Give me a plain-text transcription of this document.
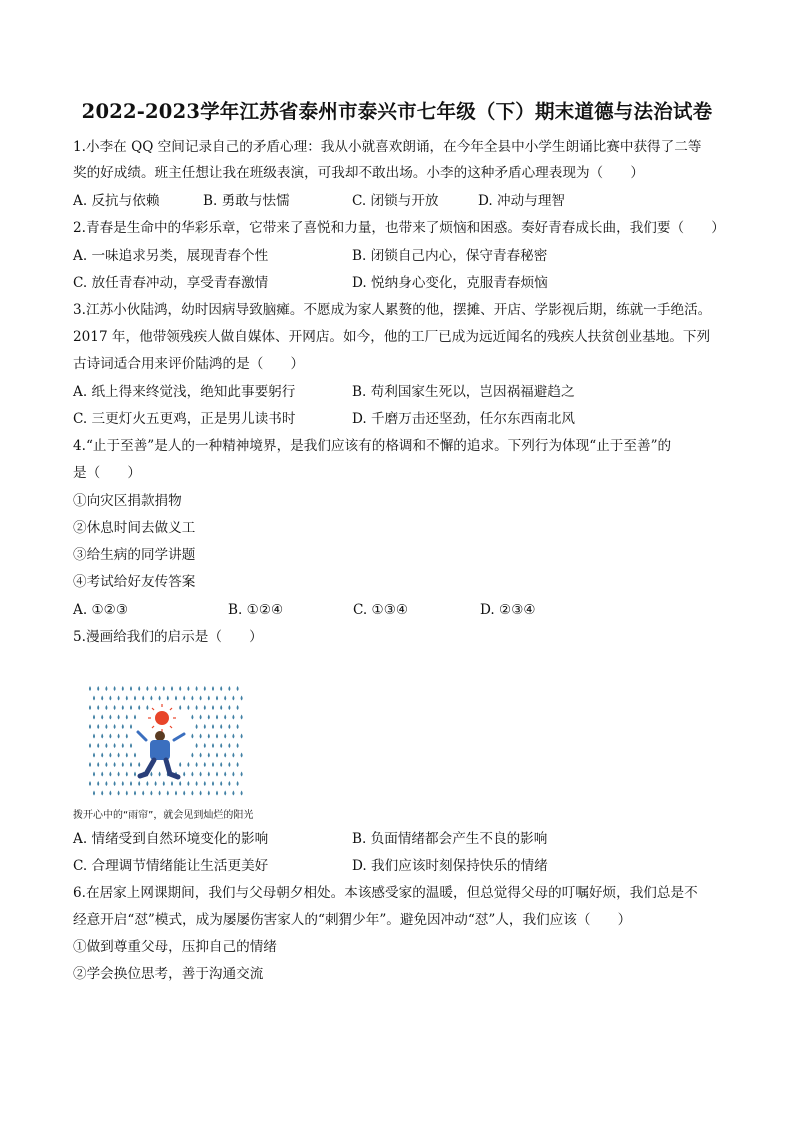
2022-2023学年江苏省泰州市泰兴市七年级（下）期末道德与法治试卷
1.小李在 QQ 空间记录自己的矛盾心理：我从小就喜欢朗诵，在今年全县中小学生朗诵比赛中获得了二等
奖的好成绩。班主任想让我在班级表演，可我却不敢出场。小李的这种矛盾心理表现为（　　）
A. 反抗与依赖	B. 勇敢与怯懦	C. 闭锁与开放	D. 冲动与理智
2.青春是生命中的华彩乐章，它带来了喜悦和力量，也带来了烦恼和困惑。奏好青春成长曲，我们要（　　）
A. 一味追求另类，展现青春个性	B. 闭锁自己内心，保守青春秘密
C. 放任青春冲动，享受青春激情	D. 悦纳身心变化，克服青春烦恼
3.江苏小伙陆鸿，幼时因病导致脑瘫。不愿成为家人累赘的他，摆摊、开店、学影视后期，练就一手绝活。
2017 年，他带领残疾人做自媒体、开网店。如今，他的工厂已成为远近闻名的残疾人扶贫创业基地。下列
古诗词适合用来评价陆鸿的是（　　）
A. 纸上得来终觉浅，绝知此事要躬行	B. 苟利国家生死以，岂因祸福避趋之
C. 三更灯火五更鸡，正是男儿读书时	D. 千磨万击还坚劲，任尔东西南北风
4.“止于至善”是人的一种精神境界，是我们应该有的格调和不懈的追求。下列行为体现“止于至善”的
是（　　）
①向灾区捐款捐物
②休息时间去做义工
③给生病的同学讲题
④考试给好友传答案
A. ①②③	B. ①②④	C. ①③④	D. ②③④
5.漫画给我们的启示是（　　）
拨开心中的“雨帘”，就会见到灿烂的阳光
A. 情绪受到自然环境变化的影响	B. 负面情绪都会产生不良的影响
C. 合理调节情绪能让生活更美好	D. 我们应该时刻保持快乐的情绪
6.在居家上网课期间，我们与父母朝夕相处。本该感受家的温暖，但总觉得父母的叮嘱好烦，我们总是不
经意开启“怼”模式，成为屡屡伤害家人的“刺猬少年”。避免因冲动“怼”人，我们应该（　　）
①做到尊重父母，压抑自己的情绪
②学会换位思考，善于沟通交流
